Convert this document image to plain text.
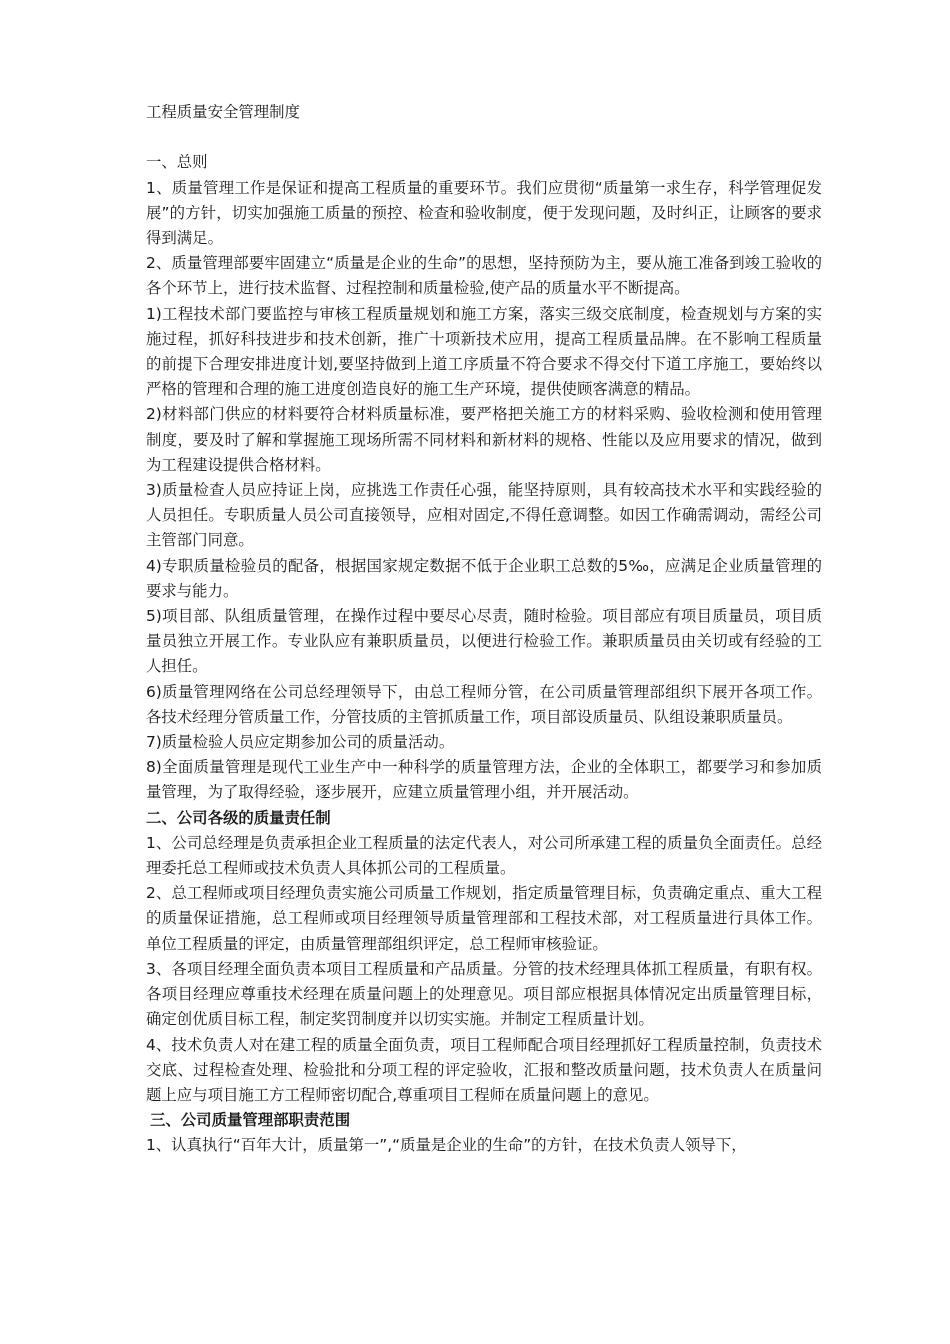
工程质量安全管理制度

一、总则

1、质量管理工作是保证和提高工程质量的重要环节。我们应贯彻“质量第一求生存，科学管理促发展”的方针，切实加强施工质量的预控、检查和验收制度，便于发现问题，及时纠正，让顾客的要求得到满足。

2、质量管理部要牢固建立“质量是企业的生命”的思想，坚持预防为主，要从施工准备到竣工验收的各个环节上，进行技术监督、过程控制和质量检验,使产品的质量水平不断提高。

1)工程技术部门要监控与审核工程质量规划和施工方案，落实三级交底制度，检查规划与方案的实施过程，抓好科技进步和技术创新，推广十项新技术应用，提高工程质量品牌。在不影响工程质量的前提下合理安排进度计划,要坚持做到上道工序质量不符合要求不得交付下道工序施工，要始终以严格的管理和合理的施工进度创造良好的施工生产环境，提供使顾客满意的精品。

2)材料部门供应的材料要符合材料质量标准，要严格把关施工方的材料采购、验收检测和使用管理制度，要及时了解和掌握施工现场所需不同材料和新材料的规格、性能以及应用要求的情况，做到为工程建设提供合格材料。

3)质量检查人员应持证上岗，应挑选工作责任心强，能坚持原则，具有较高技术水平和实践经验的人员担任。专职质量人员公司直接领导，应相对固定,不得任意调整。如因工作确需调动，需经公司主管部门同意。

4)专职质量检验员的配备，根据国家规定数据不低于企业职工总数的5‰，应满足企业质量管理的要求与能力。

5)项目部、队组质量管理，在操作过程中要尽心尽责，随时检验。项目部应有项目质量员，项目质量员独立开展工作。专业队应有兼职质量员，以便进行检验工作。兼职质量员由关切或有经验的工人担任。

6)质量管理网络在公司总经理领导下，由总工程师分管，在公司质量管理部组织下展开各项工作。各技术经理分管质量工作，分管技质的主管抓质量工作，项目部设质量员、队组设兼职质量员。

7)质量检验人员应定期参加公司的质量活动。

8)全面质量管理是现代工业生产中一种科学的质量管理方法，企业的全体职工，都要学习和参加质量管理，为了取得经验，逐步展开，应建立质量管理小组，并开展活动。

二、公司各级的质量责任制

1、公司总经理是负责承担企业工程质量的法定代表人，对公司所承建工程的质量负全面责任。总经理委托总工程师或技术负责人具体抓公司的工程质量。

2、总工程师或项目经理负责实施公司质量工作规划，指定质量管理目标，负责确定重点、重大工程的质量保证措施，总工程师或项目经理领导质量管理部和工程技术部，对工程质量进行具体工作。单位工程质量的评定，由质量管理部组织评定，总工程师审核验证。

3、各项目经理全面负责本项目工程质量和产品质量。分管的技术经理具体抓工程质量，有职有权。各项目经理应尊重技术经理在质量问题上的处理意见。项目部应根据具体情况定出质量管理目标，确定创优质目标工程，制定奖罚制度并以切实实施。并制定工程质量计划。

4、技术负责人对在建工程的质量全面负责，项目工程师配合项目经理抓好工程质量控制，负责技术交底、过程检查处理、检验批和分项工程的评定验收，汇报和整改质量问题，技术负责人在质量问题上应与项目施工方工程师密切配合,尊重项目工程师在质量问题上的意见。

三、公司质量管理部职责范围

1、认真执行“百年大计，质量第一”,“质量是企业的生命”的方针，在技术负责人领导下，
